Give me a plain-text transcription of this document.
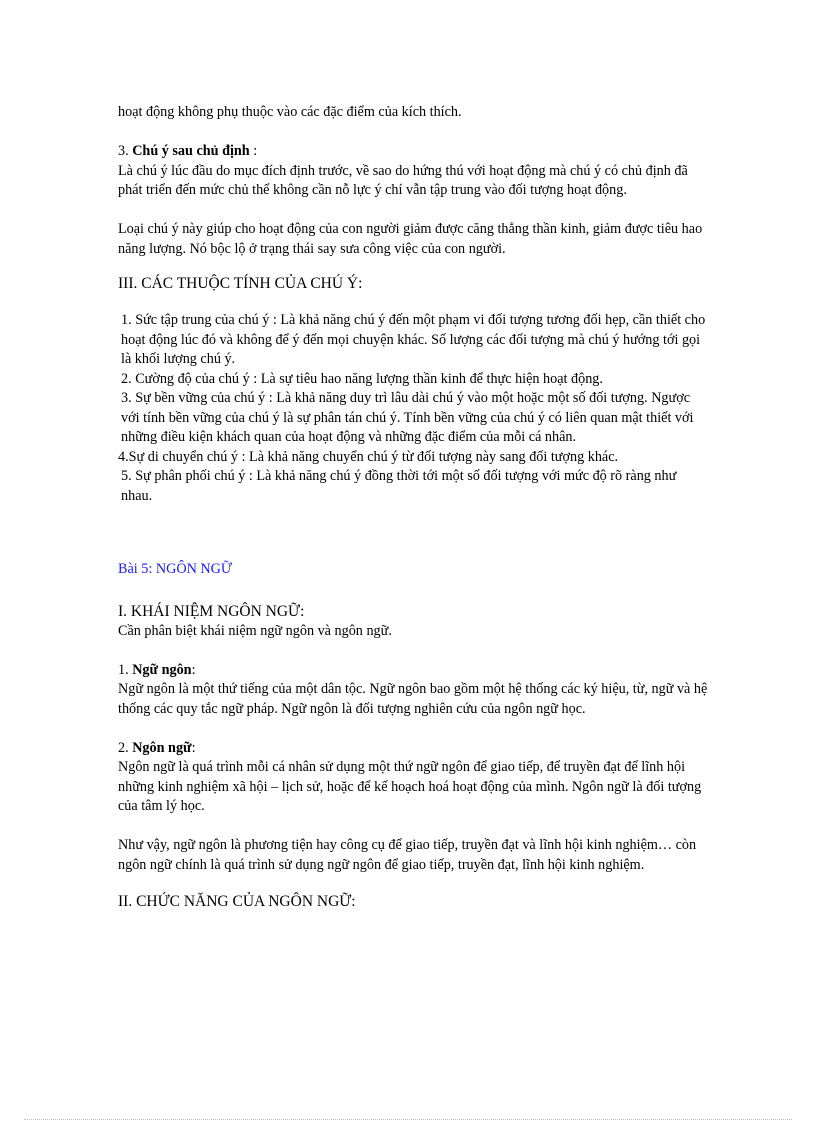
hoạt động không phụ thuộc vào các đặc điểm của kích thích.

3. Chú ý sau chủ định :

Là chú ý lúc đầu do mục đích định trước, về sao do hứng thú với hoạt động mà chú ý có chủ định đã phát triển đến mức chủ thể không cần nỗ lực ý chí vẫn tập trung vào đối tượng hoạt động.

Loại chú ý này giúp cho hoạt động của con người giảm được căng thẳng thần kinh, giảm được tiêu hao năng lượng. Nó bộc lộ ở trạng thái say sưa công việc của con người.

III. CÁC THUỘC TÍNH CỦA CHÚ Ý:

1. Sức tập trung của chú ý : Là khả năng chú ý đến một phạm vi đối tượng tương đối hẹp, cần thiết cho hoạt động lúc đó và không để ý đến mọi chuyện khác. Số lượng các đối tượng mà chú ý hướng tới gọi là khối lượng chú ý.

2. Cường độ của chú ý : Là sự tiêu hao năng lượng thần kinh để thực hiện hoạt động.

3. Sự bền vững của chú ý : Là khả năng duy trì lâu dài chú ý vào một hoặc một số đối tượng. Ngược với tính bền vững của chú ý là sự phân tán chú ý. Tính bền vững của chú ý có liên quan mật thiết với những điều kiện khách quan của hoạt động và những đặc điểm của mỗi cá nhân.

4.Sự di chuyển chú ý : Là khả năng chuyển chú ý từ đối tượng này sang đối tượng khác.

5. Sự phân phối chú ý : Là khả năng chú ý đồng thời tới một số đối tượng với mức độ rõ ràng như nhau.

Bài 5: NGÔN NGỮ

I. KHÁI NIỆM NGÔN NGỮ:

Cần phân biệt khái niệm ngữ ngôn và ngôn ngữ.

1. Ngữ ngôn:

Ngữ ngôn là một thứ tiếng của một dân tộc. Ngữ ngôn bao gồm một hệ thống các ký hiệu, từ, ngữ và hệ thống các quy tắc ngữ pháp. Ngữ ngôn là đối tượng nghiên cứu của ngôn ngữ học.

2. Ngôn ngữ:

Ngôn ngữ là quá trình mỗi cá nhân sử dụng một thứ ngữ ngôn để giao tiếp, để truyền đạt để lĩnh hội những kinh nghiệm xã hội – lịch sử, hoặc để kế hoạch hoá hoạt động của mình. Ngôn ngữ là đối tượng của tâm lý học.

Như vậy, ngữ ngôn là phương tiện hay công cụ để giao tiếp, truyền đạt và lĩnh hội kinh nghiệm… còn ngôn ngữ chính là quá trình sử dụng ngữ ngôn để giao tiếp, truyền đạt, lĩnh hội kinh nghiệm.

II. CHỨC NĂNG CỦA NGÔN NGỮ:
